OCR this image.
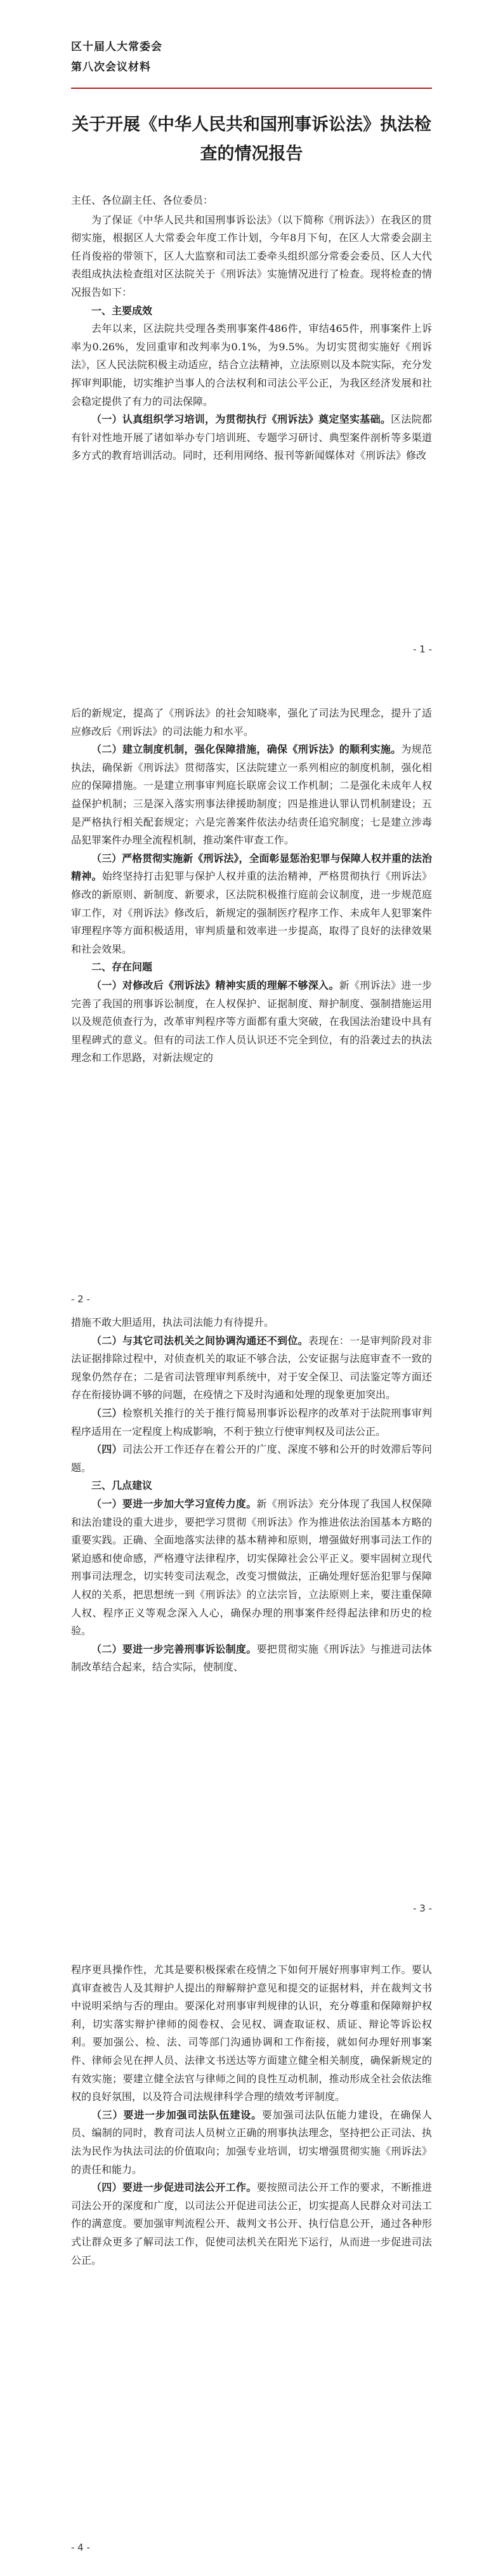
区十届人大常委会
第八次会议材料
关于开展《中华人民共和国刑事诉讼法》执法检查的情况报告

主任、各位副主任、各位委员：

为了保证《中华人民共和国刑事诉讼法》（以下简称《刑诉法》）在我区的贯彻实施，根据区人大常委会年度工作计划，今年8月下旬，在区人大常委会副主任肖俊裕的带领下，区人大监察和司法工委牵头组织部分常委会委员、区人大代表组成执法检查组对区法院关于《刑诉法》实施情况进行了检查。现将检查的情况报告如下：

一、主要成效

去年以来，区法院共受理各类刑事案件486件，审结465件，刑事案件上诉率为0.26%，发回重审和改判率为0.1%，为9.5%。为切实贯彻实施好《刑诉法》，区人民法院积极主动适应，结合立法精神，立法原则以及本院实际，充分发挥审判职能，切实维护当事人的合法权利和司法公平公正，为我区经济发展和社会稳定提供了有力的司法保障。

（一）认真组织学习培训，为贯彻执行《刑诉法》奠定坚实基础。区法院都有针对性地开展了诸如举办专门培训班、专题学习研讨、典型案件剖析等多渠道多方式的教育培训活动。同时，还利用网络、报刊等新闻媒体对《刑诉法》修改

- 1 -

后的新规定，提高了《刑诉法》的社会知晓率，强化了司法为民理念，提升了适应修改后《刑诉法》的司法能力和水平。

（二）建立制度机制，强化保障措施，确保《刑诉法》的顺利实施。为规范执法，确保新《刑诉法》贯彻落实，区法院建立一系列相应的制度机制，强化相应的保障措施。一是建立刑事审判庭长联席会议工作机制；二是强化未成年人权益保护机制；三是深入落实刑事法律援助制度；四是推进认罪认罚机制建设；五是严格执行相关配套规定；六是完善案件依法办结责任追究制度；七是建立涉毒品犯罪案件办理全流程机制，推动案件审查工作。

（三）严格贯彻实施新《刑诉法》，全面彰显惩治犯罪与保障人权并重的法治精神。始终坚持打击犯罪与保护人权并重的法治精神，严格贯彻执行《刑诉法》修改的新原则、新制度、新要求，区法院积极推行庭前会议制度，进一步规范庭审工作，对《刑诉法》修改后，新规定的强制医疗程序工作、未成年人犯罪案件审理程序等方面积极适用，审判质量和效率进一步提高，取得了良好的法律效果和社会效果。

二、存在问题

（一）对修改后《刑诉法》精神实质的理解不够深入。新《刑诉法》进一步完善了我国的刑事诉讼制度，在人权保护、证据制度、辩护制度、强制措施运用以及规范侦查行为，改革审判程序等方面都有重大突破，在我国法治建设中具有里程碑式的意义。但有的司法工作人员认识还不完全到位，有的沿袭过去的执法理念和工作思路，对新法规定的

- 2 -

措施不敢大胆适用，执法司法能力有待提升。

（二）与其它司法机关之间协调沟通还不到位。表现在：一是审判阶段对非法证据排除过程中，对侦查机关的取证不够合法，公安证据与法庭审查不一致的现象仍然存在；二是省司法管理审判系统中，对于安全保卫、司法鉴定等方面还存在衔接协调不够的问题，在疫情之下及时沟通和处理的现象更加突出。

（三）检察机关推行的关于推行简易刑事诉讼程序的改革对于法院刑事审判程序适用在一定程度上构成影响，不利于独立行使审判权及司法公正。

（四）司法公开工作还存在着公开的广度、深度不够和公开的时效滞后等问题。

三、几点建议

（一）要进一步加大学习宣传力度。新《刑诉法》充分体现了我国人权保障和法治建设的重大进步，要把学习贯彻《刑诉法》作为推进依法治国基本方略的重要实践。正确、全面地落实法律的基本精神和原则，增强做好刑事司法工作的紧迫感和使命感，严格遵守法律程序，切实保障社会公平正义。要牢固树立现代刑事司法理念，切实转变司法观念，改变习惯做法，正确处理好惩治犯罪与保障人权的关系，把思想统一到《刑诉法》的立法宗旨，立法原则上来，要注重保障人权、程序正义等观念深入人心，确保办理的刑事案件经得起法律和历史的检验。

（二）要进一步完善刑事诉讼制度。要把贯彻实施《刑诉法》与推进司法体制改革结合起来，结合实际，使制度、

- 3 -

程序更具操作性，尤其是要积极探索在疫情之下如何开展好刑事审判工作。要认真审查被告人及其辩护人提出的辩解辩护意见和提交的证据材料，并在裁判文书中说明采纳与否的理由。要深化对刑事审判规律的认识，充分尊重和保障辩护权利，切实落实辩护律师的阅卷权、会见权、调查取证权、质证、辩论等诉讼权利。要加强公、检、法、司等部门沟通协调和工作衔接，就如何办理好刑事案件、律师会见在押人员、法律文书送达等方面建立健全相关制度，确保新规定的有效实施；要建立健全法官与律师之间的良性互动机制，推动形成全社会依法维权的良好氛围，以及符合司法规律科学合理的绩效考评制度。

（三）要进一步加强司法队伍建设。要加强司法队伍能力建设，在确保人员、编制的同时，教育司法人员树立正确的刑事执法理念，坚持把公正司法、执法为民作为执法司法的价值取向；加强专业培训，切实增强贯彻实施《刑诉法》的责任和能力。

（四）要进一步促进司法公开工作。要按照司法公开工作的要求，不断推进司法公开的深度和广度，以司法公开促进司法公正，切实提高人民群众对司法工作的满意度。要加强审判流程公开、裁判文书公开、执行信息公开，通过各种形式让群众更多了解司法工作，促使司法机关在阳光下运行，从而进一步促进司法公正。

- 4 -
